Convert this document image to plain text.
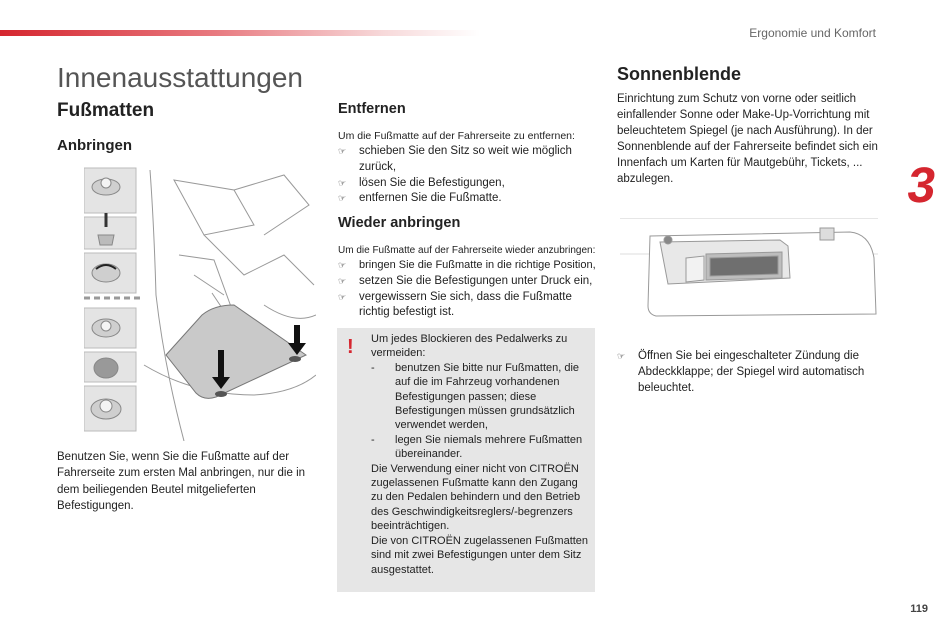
Ergonomie und Komfort
3
119
Innenausstattungen
Fußmatten
Anbringen
Benutzen Sie, wenn Sie die Fußmatte auf der Fahrerseite zum ersten Mal anbringen, nur die in dem beiliegenden Beutel mitgelieferten Befestigungen.
Entfernen
Um die Fußmatte auf der Fahrerseite zu entfernen:
☞ schieben Sie den Sitz so weit wie möglich zurück,
☞ lösen Sie die Befestigungen,
☞ entfernen Sie die Fußmatte.
Wieder anbringen
Um die Fußmatte auf der Fahrerseite wieder anzubringen:
☞ bringen Sie die Fußmatte in die richtige Position,
☞ setzen Sie die Befestigungen unter Druck ein,
☞ vergewissern Sie sich, dass die Fußmatte richtig befestigt ist.
! Um jedes Blockieren des Pedalwerks zu vermeiden:
- benutzen Sie bitte nur Fußmatten, die auf die im Fahrzeug vorhandenen Befestigungen passen; diese Befestigungen müssen grundsätzlich verwendet werden,
- legen Sie niemals mehrere Fußmatten übereinander.
Die Verwendung einer nicht von CITROËN zugelassenen Fußmatte kann den Zugang zu den Pedalen behindern und den Betrieb des Geschwindigkeitsreglers/-begrenzers beeinträchtigen.
Die von CITROËN zugelassenen Fußmatten sind mit zwei Befestigungen unter dem Sitz ausgestattet.
Sonnenblende
Einrichtung zum Schutz von vorne oder seitlich einfallender Sonne oder Make-Up-Vorrichtung mit beleuchtetem Spiegel (je nach Ausführung). In der Sonnenblende auf der Fahrerseite befindet sich ein Innenfach um Karten für Mautgebühr, Tickets, ... abzulegen.
☞ Öffnen Sie bei eingeschalteter Zündung die Abdeckklappe; der Spiegel wird automatisch beleuchtet.
